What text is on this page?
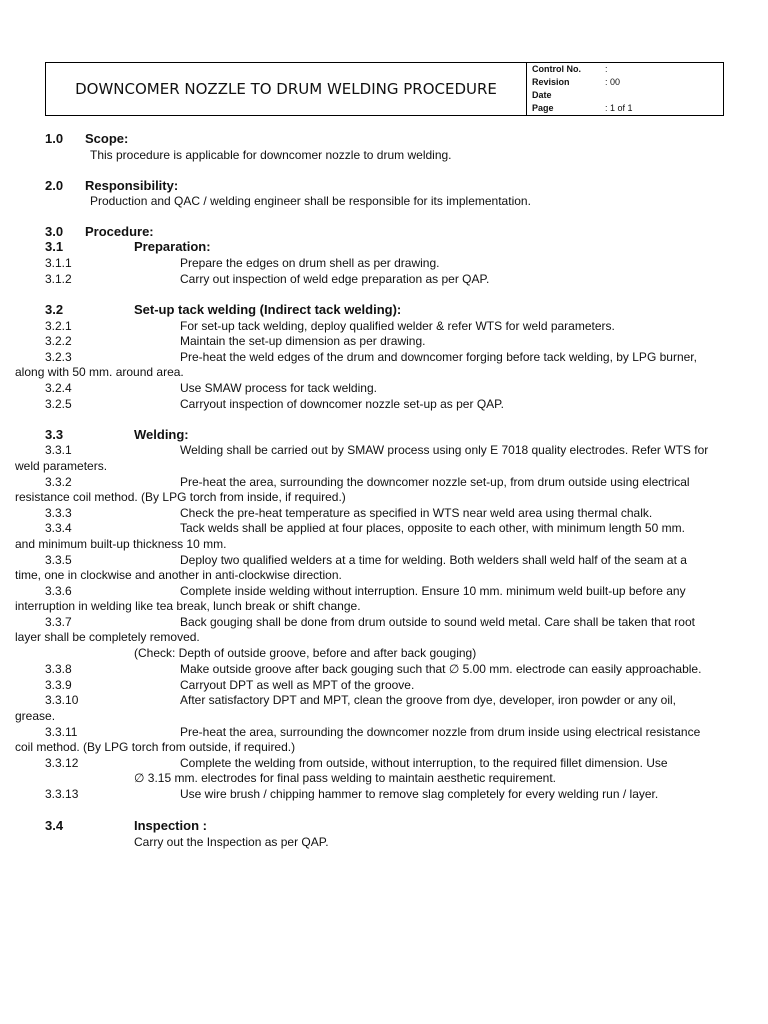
DOWNCOMER NOZZLE TO DRUM WELDING PROCEDURE
Control No.	:
Revision	: 00
Date
Page	: 1 of 1
1.0 Scope:
This procedure is applicable for downcomer nozzle to drum welding.
2.0 Responsibility:
Production and QAC / welding engineer shall be responsible for its implementation.
3.0 Procedure:
3.1	Preparation:
3.1.1	Prepare the edges on drum shell as per drawing.
3.1.2	Carry out inspection of weld edge preparation as per QAP.
3.2	Set-up tack welding (Indirect tack welding):
3.2.1	For set-up tack welding, deploy qualified welder & refer WTS for weld parameters.
3.2.2	Maintain the set-up dimension as per drawing.
3.2.3	Pre-heat the weld edges of the drum and downcomer forging before tack welding, by LPG burner,
along with 50 mm. around area.
3.2.4	Use SMAW process for tack welding.
3.2.5	Carryout inspection of downcomer nozzle set-up as per QAP.
3.3	Welding:
3.3.1	Welding shall be carried out by SMAW process using only E 7018 quality electrodes. Refer WTS for
weld parameters.
3.3.2	Pre-heat the area, surrounding the downcomer nozzle set-up, from drum outside using electrical
resistance coil method. (By LPG torch from inside, if required.)
3.3.3	Check the pre-heat temperature as specified in WTS near weld area using thermal chalk.
3.3.4	Tack welds shall be applied at four places, opposite to each other, with minimum length 50 mm.
and minimum built-up thickness 10 mm.
3.3.5	Deploy two qualified welders at a time for welding. Both welders shall weld half of the seam at a
time, one in clockwise and another in anti-clockwise direction.
3.3.6	Complete inside welding without interruption. Ensure 10 mm. minimum weld built-up before any
interruption in welding like tea break, lunch break or shift change.
3.3.7	Back gouging shall be done from drum outside to sound weld metal. Care shall be taken that root
layer shall be completely removed.
(Check: Depth of outside groove, before and after back gouging)
3.3.8	Make outside groove after back gouging such that ∅ 5.00 mm. electrode can easily approachable.
3.3.9	Carryout DPT as well as MPT of the groove.
3.3.10	After satisfactory DPT and MPT, clean the groove from dye, developer, iron powder or any oil,
grease.
3.3.11	Pre-heat the area, surrounding the downcomer nozzle from drum inside using electrical resistance
coil method. (By LPG torch from outside, if required.)
3.3.12	Complete the welding from outside, without interruption, to the required fillet dimension. Use
∅ 3.15 mm. electrodes for final pass welding to maintain aesthetic requirement.
3.3.13	Use wire brush / chipping hammer to remove slag completely for every welding run / layer.
3.4	Inspection :
Carry out the Inspection as per QAP.
